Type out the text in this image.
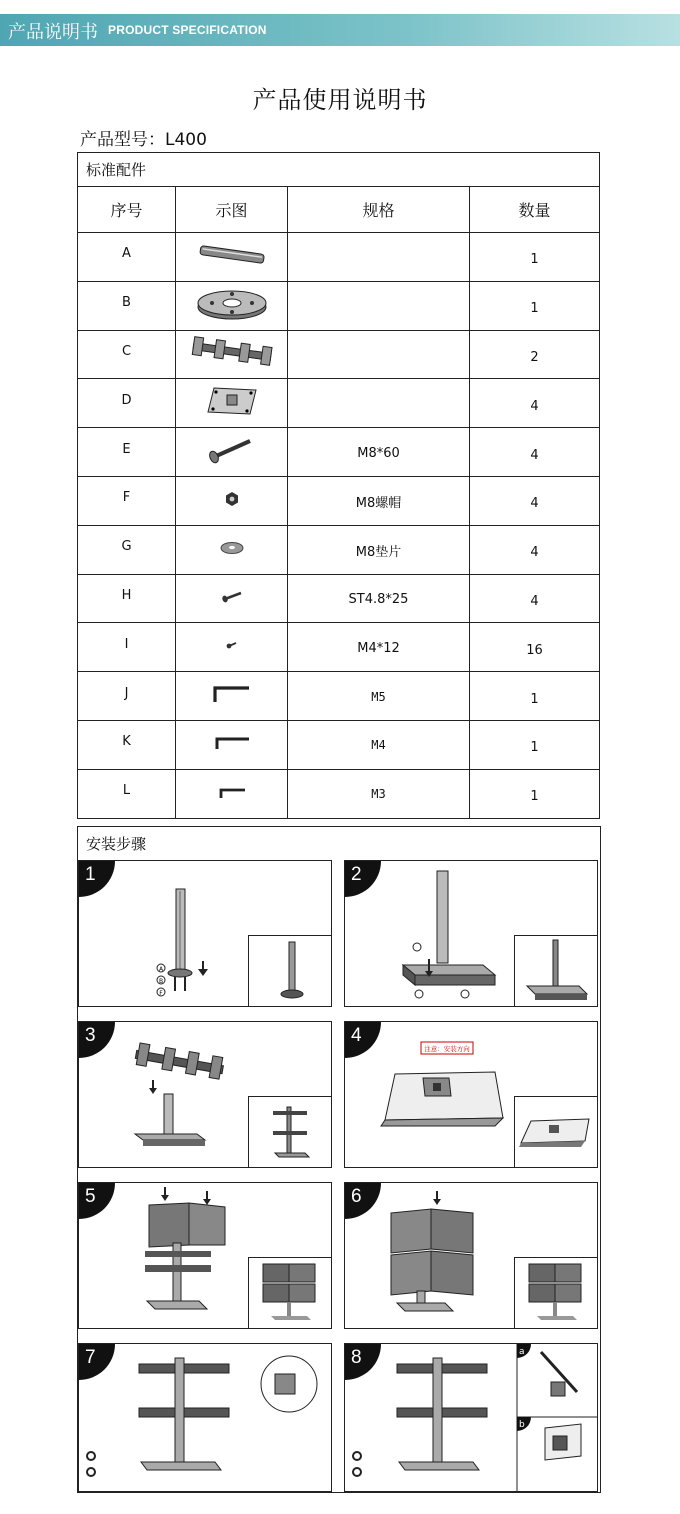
产品说明书 PRODUCT SPECIFICATION
产品使用说明书
产品型号：L400
标准配件			
序号	示图	规格	数量
A			1
B			1
C			2
D			4
E		M8*60	4
F		M8螺帽	4
G		M8垫片	4
H		ST4.8*25	4
I		M4*12	16
J		M5	1
K		M4	1
L		M3	1
安装步骤
1
A
B
F
2
3	4
注意：安装方向
5	6
7	8	a
b
